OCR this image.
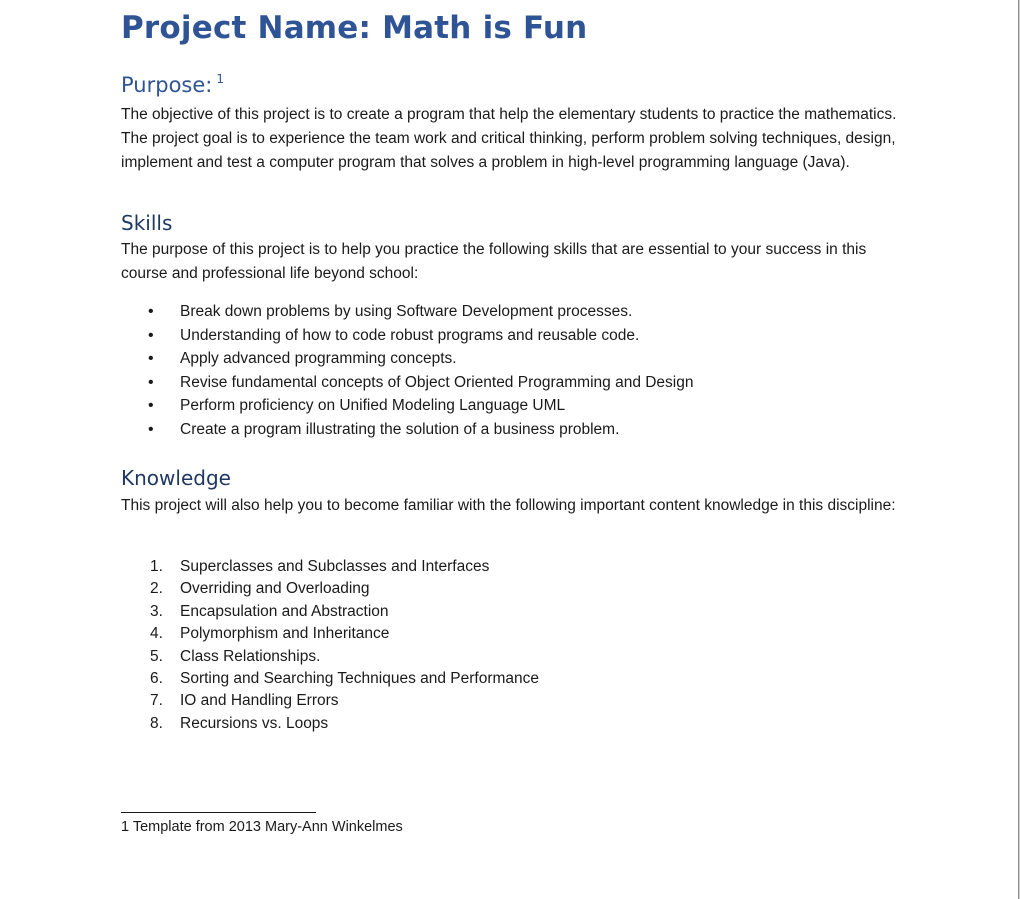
Project Name: Math is Fun
Purpose: $^1$

The objective of this project is to create a program that help the elementary students to practice the mathematics. The project goal is to experience the team work and critical thinking, perform problem solving techniques, design, implement and test a computer program that solves a problem in high-level programming language (Java).

Skills

The purpose of this project is to help you practice the following skills that are essential to your success in this course and professional life beyond school:

• Break down problems by using Software Development processes.
• Understanding of how to code robust programs and reusable code.
• Apply advanced programming concepts.
• Revise fundamental concepts of Object Oriented Programming and Design
• Perform proficiency on Unified Modeling Language UML
• Create a program illustrating the solution of a business problem.
Knowledge

This project will also help you to become familiar with the following important content knowledge in this discipline:

1. Superclasses and Subclasses and Interfaces
2. Overriding and Overloading
3. Encapsulation and Abstraction
4. Polymorphism and Inheritance
5. Class Relationships.
6. Sorting and Searching Techniques and Performance
7. IO and Handling Errors
8. Recursions vs. Loops

1 Template from 2013 Mary-Ann Winkelmes
